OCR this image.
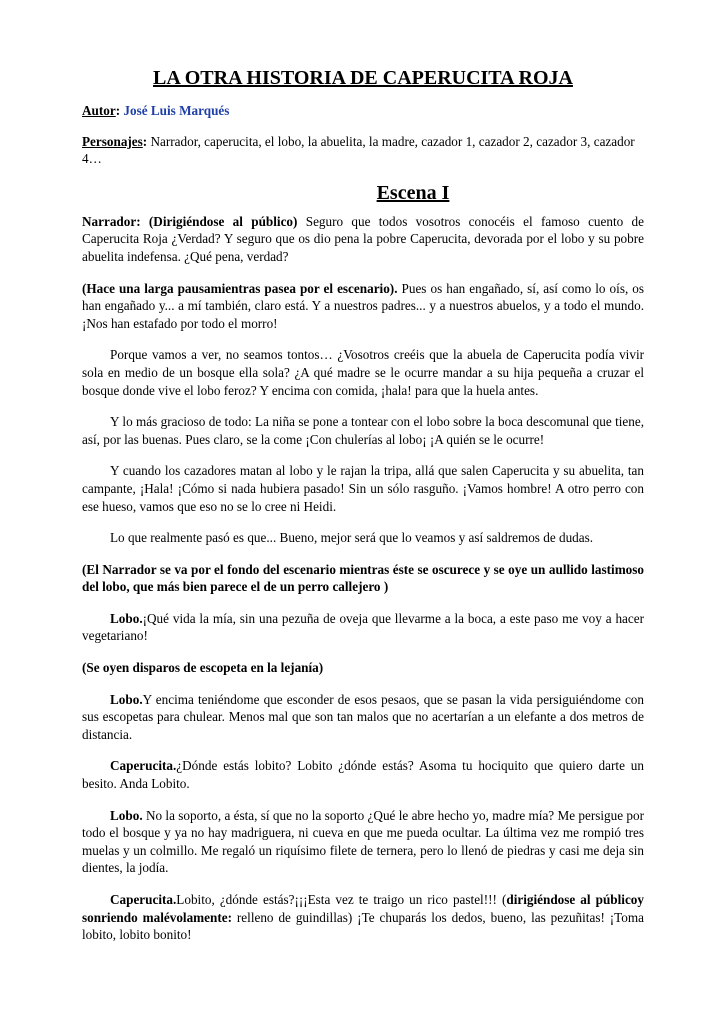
LA OTRA HISTORIA DE CAPERUCITA ROJA

Autor: José Luis Marqués

Personajes: Narrador, caperucita, el lobo, la abuelita, la madre, cazador 1, cazador 2, cazador 3, cazador 4…

Escena I

Narrador: (Dirigiéndose al público) Seguro que todos vosotros conocéis el famoso cuento de Caperucita Roja ¿Verdad? Y seguro que os dio pena la pobre Caperucita, devorada por el lobo y su pobre abuelita indefensa. ¿Qué pena, verdad?

(Hace una larga pausamientras pasea por el escenario). Pues os han engañado, sí, así como lo oís, os han engañado y... a mí también, claro está. Y a nuestros padres... y a nuestros abuelos, y a todo el mundo. ¡Nos han estafado por todo el morro!

Porque vamos a ver, no seamos tontos… ¿Vosotros creéis que la abuela de Caperucita podía vivir sola en medio de un bosque ella sola? ¿A qué madre se le ocurre mandar a su hija pequeña a cruzar el bosque donde vive el lobo feroz? Y encima con comida, ¡hala! para que la huela antes.

Y lo más gracioso de todo: La niña se pone a tontear con el lobo sobre la boca descomunal que tiene, así, por las buenas. Pues claro, se la come ¡Con chulerías al lobo¡ ¡A quién se le ocurre!

Y cuando los cazadores matan al lobo y le rajan la tripa, allá que salen Caperucita y su abuelita, tan campante, ¡Hala! ¡Cómo si nada hubiera pasado! Sin un sólo rasguño. ¡Vamos hombre! A otro perro con ese hueso, vamos que eso no se lo cree ni Heidi.

Lo que realmente pasó es que... Bueno, mejor será que lo veamos y así saldremos de dudas.

(El Narrador se va por el fondo del escenario mientras éste se oscurece y se oye un aullido lastimoso del lobo, que más bien parece el de un perro callejero )

Lobo.¡Qué vida la mía, sin una pezuña de oveja que llevarme a la boca, a este paso me voy a hacer vegetariano!

(Se oyen disparos de escopeta en la lejanía)

Lobo.Y encima teniéndome que esconder de esos pesaos, que se pasan la vida persiguiéndome con sus escopetas para chulear. Menos mal que son tan malos que no acertarían a un elefante a dos metros de distancia.

Caperucita.¿Dónde estás lobito? Lobito ¿dónde estás? Asoma tu hociquito que quiero darte un besito. Anda Lobito.

Lobo. No la soporto, a ésta, sí que no la soporto ¿Qué le abre hecho yo, madre mía? Me persigue por todo el bosque y ya no hay madriguera, ni cueva en que me pueda ocultar. La última vez me rompió tres muelas y un colmillo. Me regaló un riquísimo filete de ternera, pero lo llenó de piedras y casi me deja sin dientes, la jodía.

Caperucita.Lobito, ¿dónde estás?¡¡¡Esta vez te traigo un rico pastel!!! (dirigiéndose al públicoy sonriendo malévolamente: relleno de guindillas) ¡Te chuparás los dedos, bueno, las pezuñitas! ¡Toma lobito, lobito bonito!
